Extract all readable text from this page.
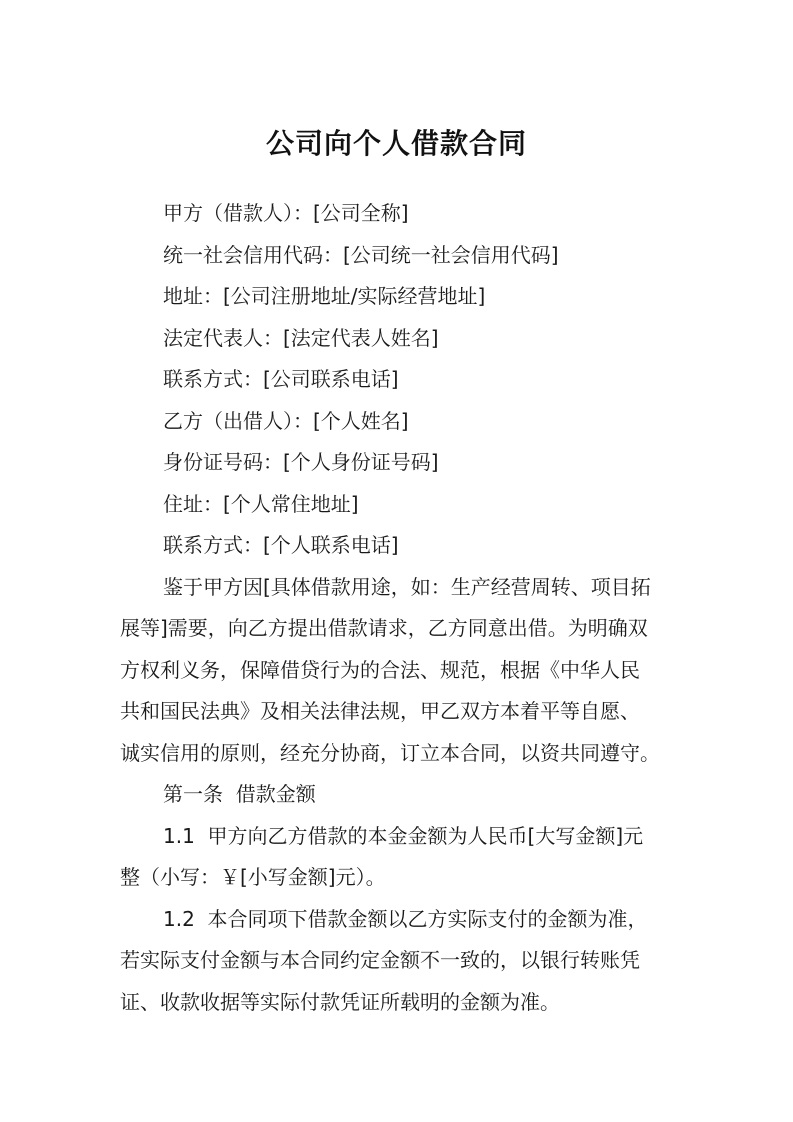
公司向个人借款合同
甲方（借款人）：[公司全称]
统一社会信用代码：[公司统一社会信用代码]
地址：[公司注册地址/实际经营地址]
法定代表人：[法定代表人姓名]
联系方式：[公司联系电话]
乙方（出借人）：[个人姓名]
身份证号码：[个人身份证号码]
住址：[个人常住地址]
联系方式：[个人联系电话]
鉴于甲方因[具体借款用途，如：生产经营周转、项目拓
展等]需要，向乙方提出借款请求，乙方同意出借。为明确双
方权利义务，保障借贷行为的合法、规范，根据《中华人民
共和国民法典》及相关法律法规，甲乙双方本着平等自愿、
诚实信用的原则，经充分协商，订立本合同，以资共同遵守。
第一条  借款金额
1.1  甲方向乙方借款的本金金额为人民币[大写金额]元
整（小写：￥[小写金额]元）。
1.2  本合同项下借款金额以乙方实际支付的金额为准，
若实际支付金额与本合同约定金额不一致的，以银行转账凭
证、收款收据等实际付款凭证所载明的金额为准。
